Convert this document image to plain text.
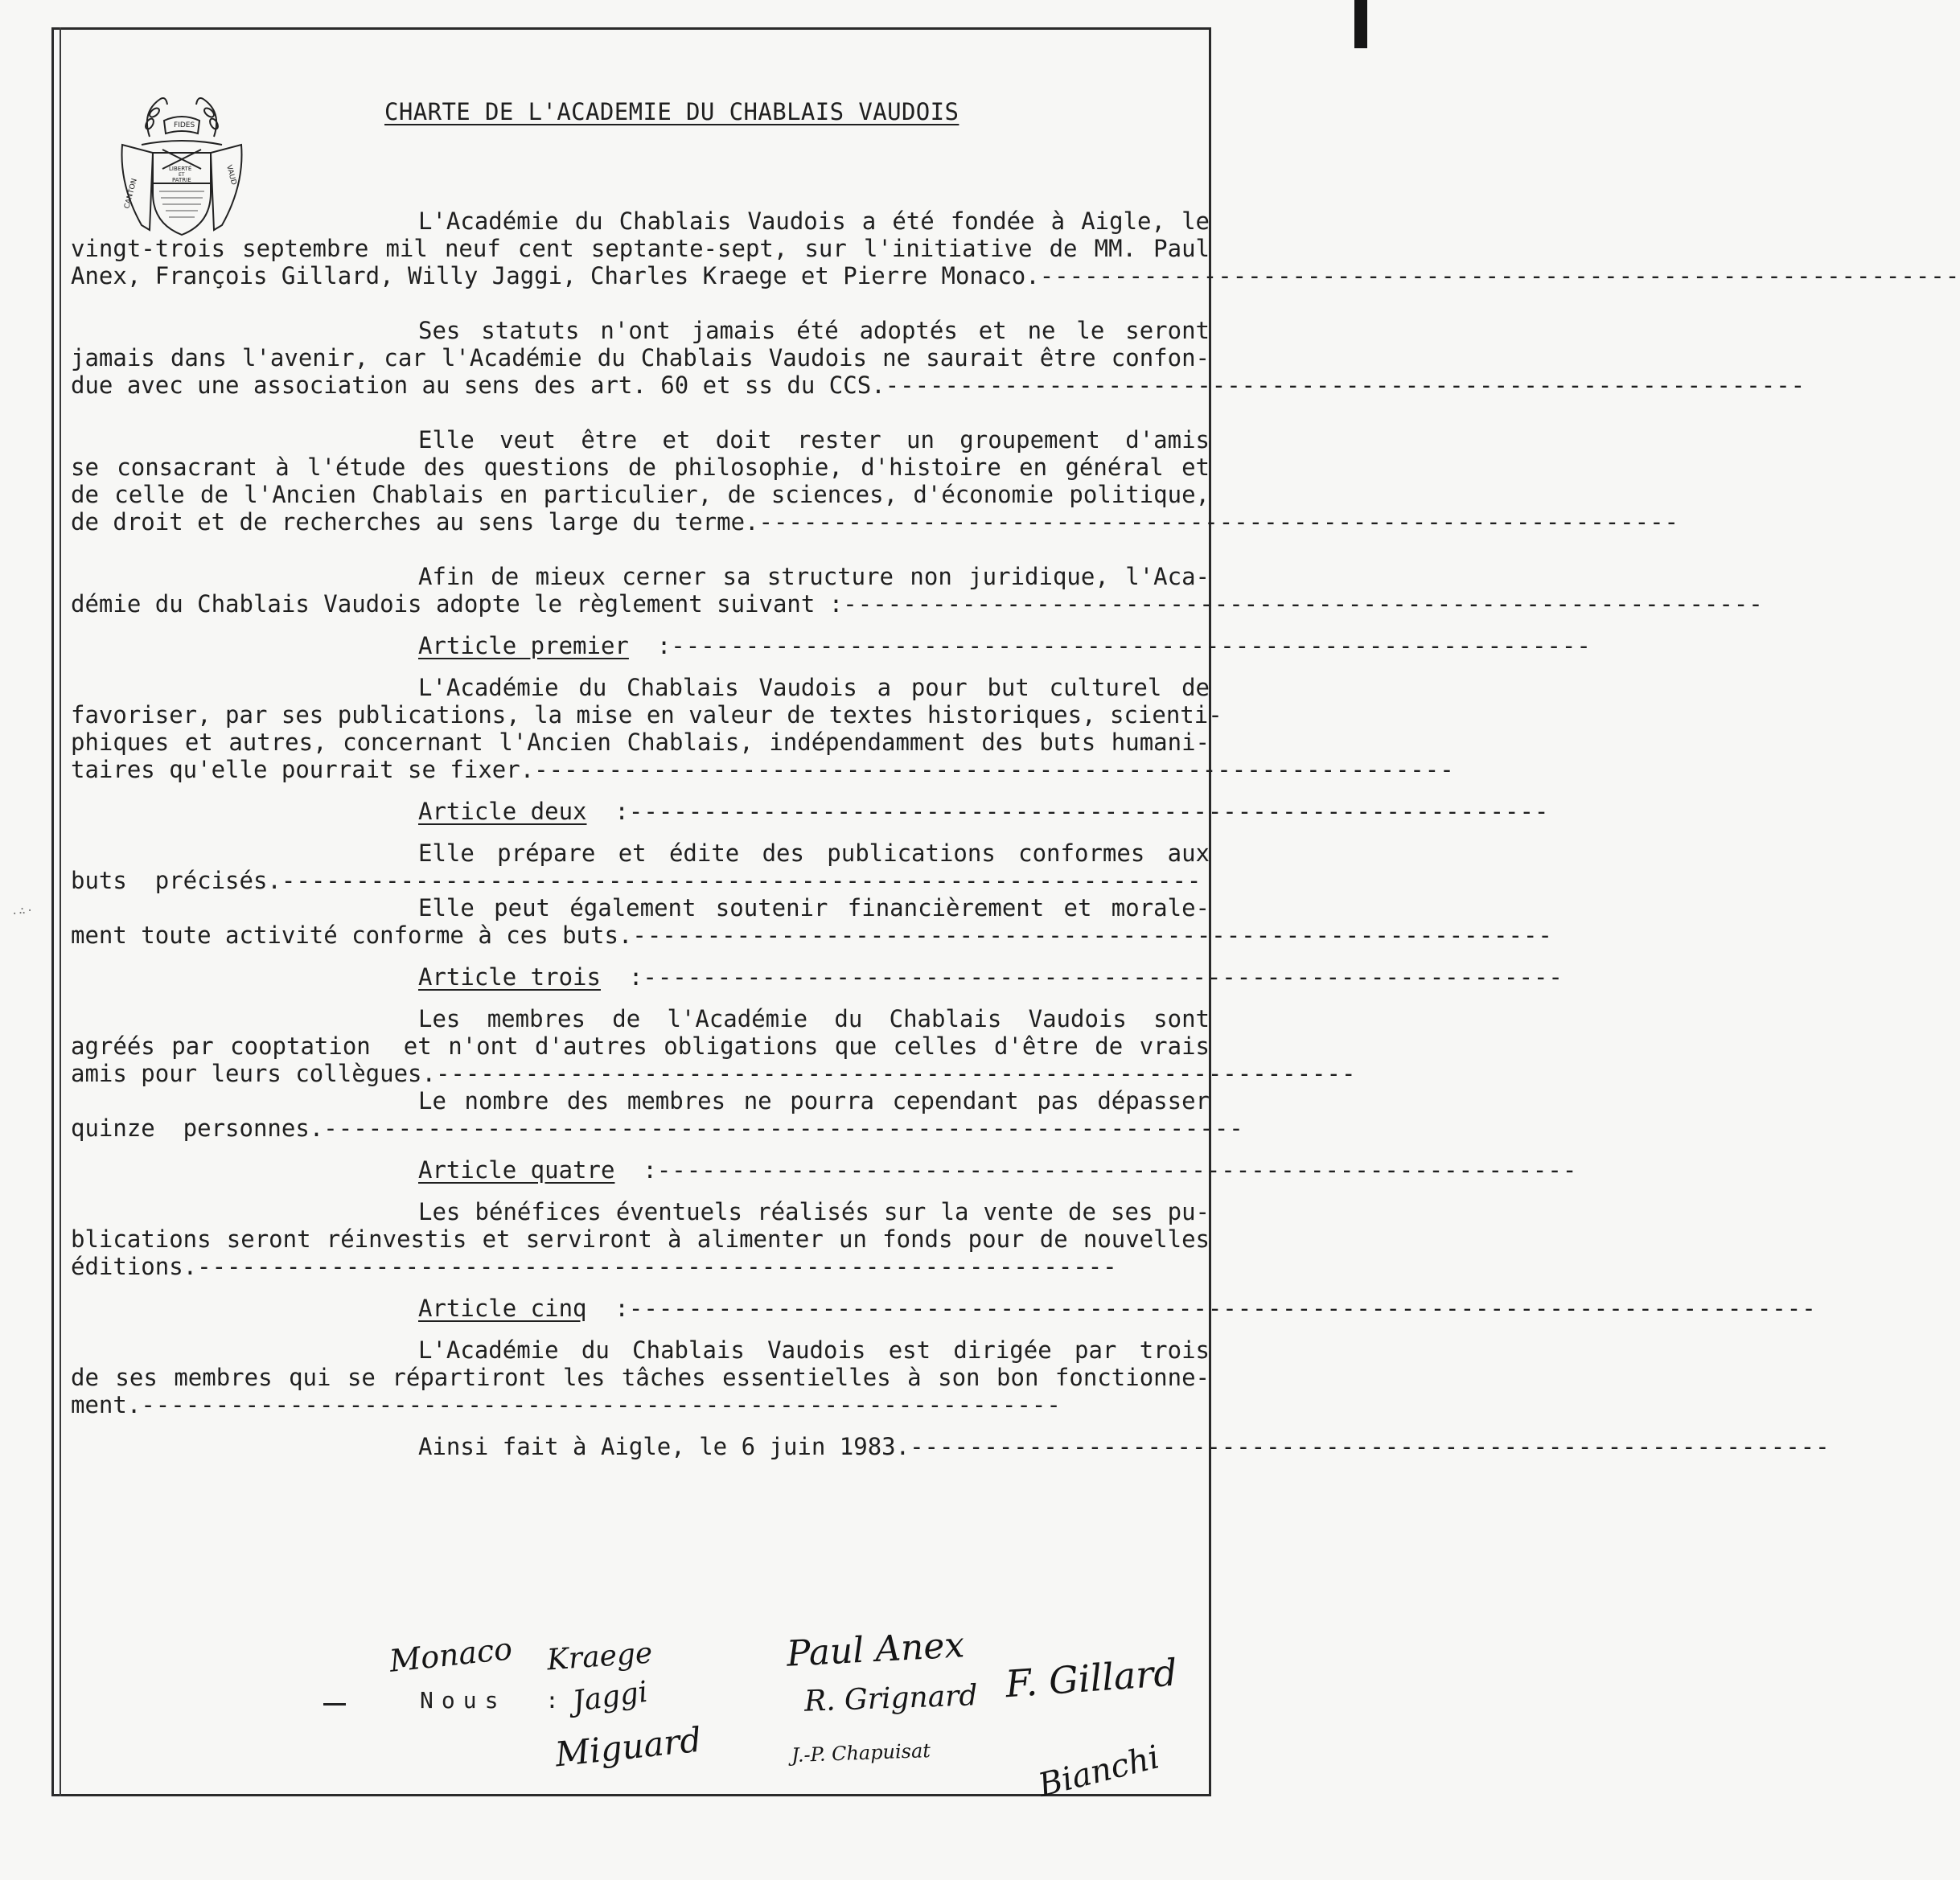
.∴·
FIDES
LIBERTÉ
ET
PATRIE
CANTON
VAUD
CHARTE DE L'ACADEMIE DU CHABLAIS VAUDOIS
L'Académie du Chablais Vaudois a été fondée à Aigle, le
vingt-trois septembre mil neuf cent septante-sept, sur l'initiative de MM. Paul
Anex, François Gillard, Willy Jaggi, Charles Kraege et Pierre Monaco. --------------------------------------------------------------
Ses statuts n'ont jamais été adoptés et ne le seront
jamais dans l'avenir, car l'Académie du Chablais Vaudois ne saurait être confon-
due avec une association au sens des art. 60 et ss du CCS. --------------------------------------------------------------
Elle veut être et doit rester un groupement d'amis
se consacrant à l'étude des questions de philosophie, d'histoire en général et
de celle de l'Ancien Chablais en particulier, de sciences, d'économie politique,
de droit et de recherches au sens large du terme. --------------------------------------------------------------
Afin de mieux cerner sa structure non juridique, l'Aca-
démie du Chablais Vaudois adopte le règlement suivant : --------------------------------------------------------------
Article premier : --------------------------------------------------------------
L'Académie du Chablais Vaudois a pour but culturel de
favoriser, par ses publications, la mise en valeur de textes historiques, scienti-
phiques et autres, concernant l'Ancien Chablais, indépendamment des buts humani-
taires qu'elle pourrait se fixer. --------------------------------------------------------------
Article deux : --------------------------------------------------------------
Elle prépare et édite des publications conformes aux
buts  précisés. --------------------------------------------------------------
Elle peut également soutenir financièrement et morale-
ment toute activité conforme à ces buts. --------------------------------------------------------------
Article trois : --------------------------------------------------------------
Les membres de l'Académie du Chablais Vaudois sont
agréés par cooptation  et n'ont d'autres obligations que celles d'être de vrais
amis pour leurs collègues. --------------------------------------------------------------
Le nombre des membres ne pourra cependant pas dépasser
quinze  personnes. --------------------------------------------------------------
Article quatre : --------------------------------------------------------------
Les bénéfices éventuels réalisés sur la vente de ses pu-
blications seront réinvestis et serviront à alimenter un fonds pour de nouvelles
éditions. --------------------------------------------------------------
Article cinq : --------------------------------------------------------------------------------
L'Académie du Chablais Vaudois est dirigée par trois
de ses membres qui se répartiront les tâches essentielles à son bon fonctionne-
ment. --------------------------------------------------------------
Ainsi fait à Aigle, le 6 juin 1983. --------------------------------------------------------------
Nous :
Monaco Kraege	Paul Anex
Jaggi	R. Grignard F. Gillard
Miguard	J.-P. Chapuisat	Bianchi
